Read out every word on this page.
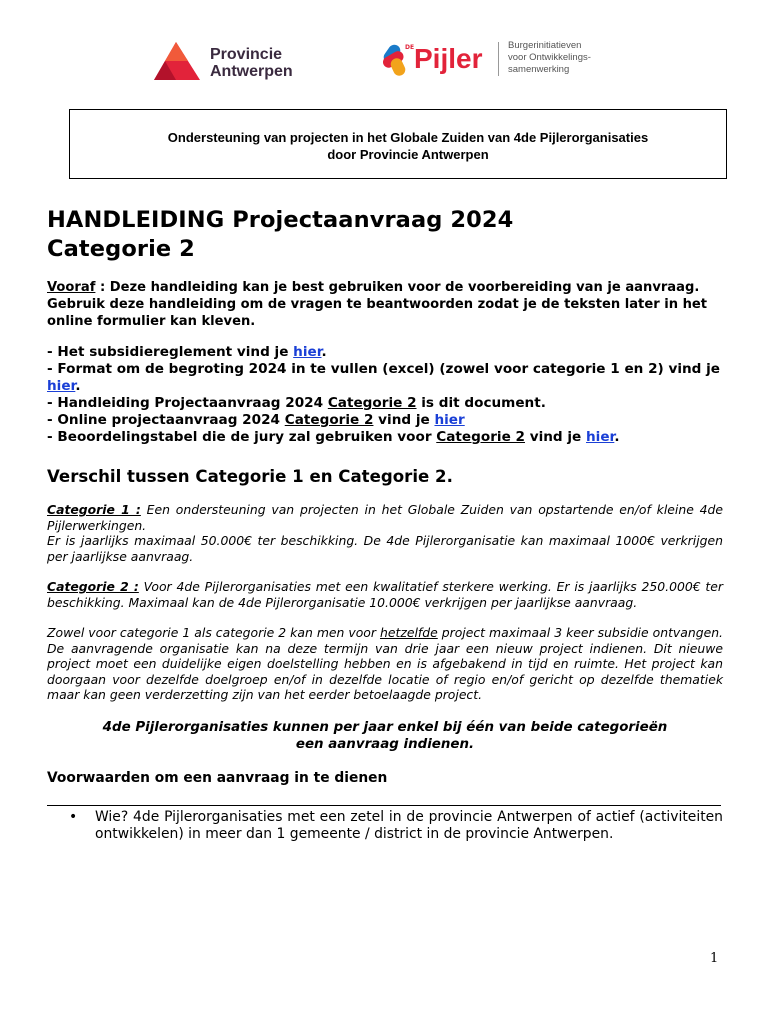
Provincie
Antwerpen
DE Pijler	Burgerinitiatieven
voor Ontwikkelings-
samenwerking
Ondersteuning van projecten in het Globale Zuiden van 4de Pijlerorganisaties
door Provincie Antwerpen
HANDLEIDING Projectaanvraag 2024
Categorie 2
Vooraf : Deze handleiding kan je best gebruiken voor de voorbereiding van je aanvraag. Gebruik deze handleiding om de vragen te beantwoorden zodat je de teksten later in het online formulier kan kleven.
- Het subsidiereglement vind je hier.
- Format om de begroting 2024 in te vullen (excel) (zowel voor categorie 1 en 2) vind je hier.
- Handleiding Projectaanvraag 2024 Categorie 2 is dit document.
- Online projectaanvraag 2024 Categorie 2 vind je hier
- Beoordelingstabel die de jury zal gebruiken voor Categorie 2 vind je hier.
Verschil tussen Categorie 1 en Categorie 2.
Categorie 1 : Een ondersteuning van projecten in het Globale Zuiden van opstartende en/of kleine 4de Pijlerwerkingen.
Er is jaarlijks maximaal 50.000€ ter beschikking. De 4de Pijlerorganisatie kan maximaal 1000€ verkrijgen per jaarlijkse aanvraag.
Categorie 2 : Voor 4de Pijlerorganisaties met een kwalitatief sterkere werking. Er is jaarlijks 250.000€ ter beschikking. Maximaal kan de 4de Pijlerorganisatie 10.000€ verkrijgen per jaarlijkse aanvraag.
Zowel voor categorie 1 als categorie 2 kan men voor hetzelfde project maximaal 3 keer subsidie ontvangen. De aanvragende organisatie kan na deze termijn van drie jaar een nieuw project indienen. Dit nieuwe project moet een duidelijke eigen doelstelling hebben en is afgebakend in tijd en ruimte. Het project kan doorgaan voor dezelfde doelgroep en/of in dezelfde locatie of regio en/of gericht op dezelfde thematiek maar kan geen verderzetting zijn van het eerder betoelaagde project.
4de Pijlerorganisaties kunnen per jaar enkel bij één van beide categorieën
een aanvraag indienen.
Voorwaarden om een aanvraag in te dienen
• Wie? 4de Pijlerorganisaties met een zetel in de provincie Antwerpen of actief (activiteiten ontwikkelen) in meer dan 1 gemeente / district in de provincie Antwerpen.
1
